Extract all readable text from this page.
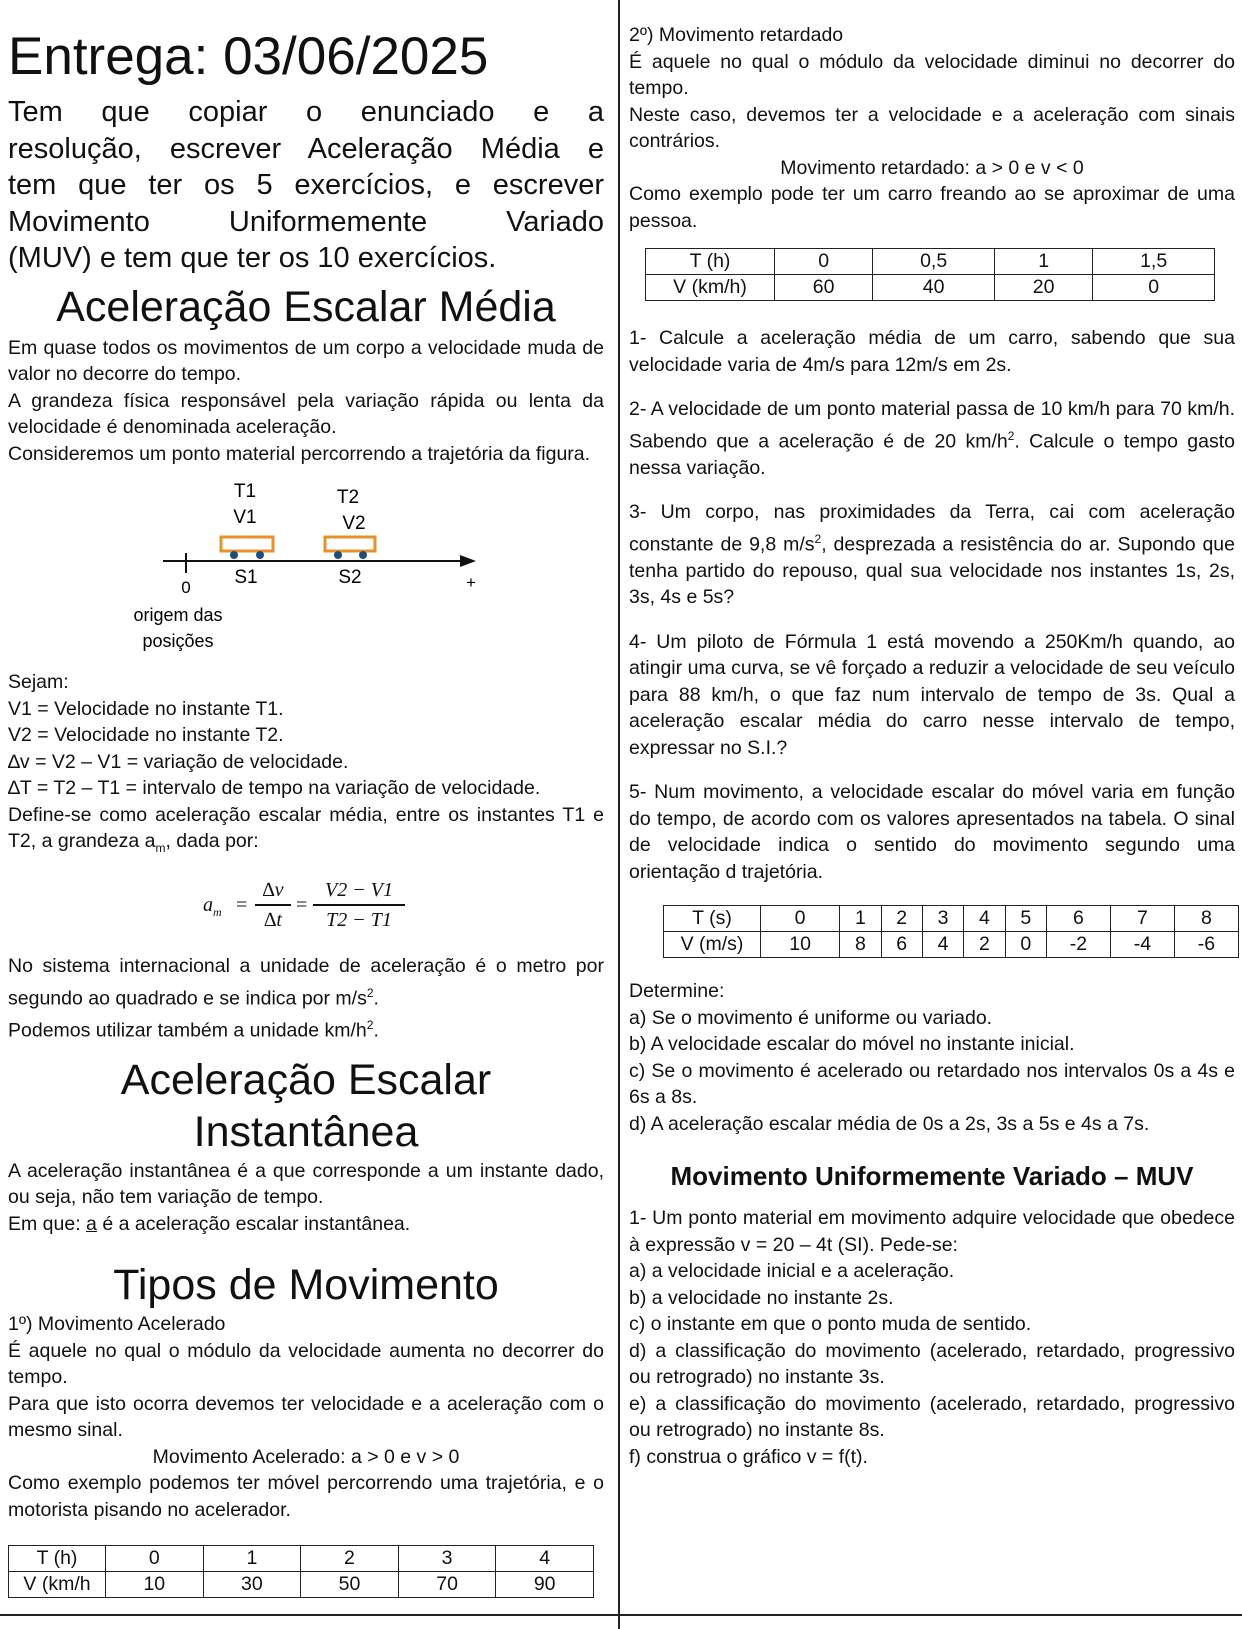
Entrega: 03/06/2025

Tem que copiar o enunciado e a

resolução, escrever Aceleração Média e

tem que ter os 5 exercícios, e escrever

Movimento Uniformemente Variado

(MUV) e tem que ter os 10 exercícios.

Aceleração Escalar Média

Em quase todos os movimentos de um corpo a velocidade muda de valor no decorre do tempo.

A grandeza física responsável pela variação rápida ou lenta da velocidade é denominada aceleração.

Consideremos um ponto material percorrendo a trajetória da figura.

T1
V1
T2
V2
0 S1	S2	+
origem das
posições

Sejam:

V1 = Velocidade no instante T1.

V2 = Velocidade no instante T2.

∆v = V2 – V1 = variação de velocidade.

∆T = T2 – T1 = intervalo de tempo na variação de velocidade.

Define-se como aceleração escalar média, entre os instantes T1 e T2, a grandeza $a_m$, dada por:

$a_m$ =
∆v
∆t
=
V2 − V1
T2 − T1

No sistema internacional a unidade de aceleração é o metro por segundo ao quadrado e se indica por $m/s^2$.

Podemos utilizar também a unidade $km/h^2$.

Aceleração Escalar Instantânea

A aceleração instantânea é a que corresponde a um instante dado, ou seja, não tem variação de tempo.

Em que: a é a aceleração escalar instantânea.

Tipos de Movimento

1º) Movimento Acelerado

É aquele no qual o módulo da velocidade aumenta no decorrer do tempo.

Para que isto ocorra devemos ter velocidade e a aceleração com o mesmo sinal.

Movimento Acelerado: a > 0 e v > 0

Como exemplo podemos ter móvel percorrendo uma trajetória, e o motorista pisando no acelerador.

T (h)	0	1	2	3	4
V (km/h	10	30	50	70	90

2º) Movimento retardado

É aquele no qual o módulo da velocidade diminui no decorrer do tempo.

Neste caso, devemos ter a velocidade e a aceleração com sinais contrários.

Movimento retardado: a > 0 e v < 0

Como exemplo pode ter um carro freando ao se aproximar de uma pessoa.

T (h)	0	0,5	1	1,5
V (km/h)	60	40	20	0

1- Calcule a aceleração média de um carro, sabendo que sua velocidade varia de 4m/s para 12m/s em 2s.

2- A velocidade de um ponto material passa de 10 km/h para 70 km/h. Sabendo que a aceleração é de 20 $km/h^2$. Calcule o tempo gasto nessa variação.

3- Um corpo, nas proximidades da Terra, cai com aceleração constante de 9,8 $m/s^2$, desprezada a resistência do ar. Supondo que tenha partido do repouso, qual sua velocidade nos instantes 1s, 2s, 3s, 4s e 5s?

4- Um piloto de Fórmula 1 está movendo a 250Km/h quando, ao atingir uma curva, se vê forçado a reduzir a velocidade de seu veículo para 88 km/h, o que faz num intervalo de tempo de 3s. Qual a aceleração escalar média do carro nesse intervalo de tempo, expressar no S.I.?

5- Num movimento, a velocidade escalar do móvel varia em função do tempo, de acordo com os valores apresentados na tabela. O sinal de velocidade indica o sentido do movimento segundo uma orientação d trajetória.

T (s)	0	1	2	3	4	5	6	7	8
V (m/s)	10	8	6	4	2	0	-2	-4	-6

Determine:

a) Se o movimento é uniforme ou variado.

b) A velocidade escalar do móvel no instante inicial.

c) Se o movimento é acelerado ou retardado nos intervalos 0s a 4s e 6s a 8s.

d) A aceleração escalar média de 0s a 2s, 3s a 5s e 4s a 7s.

Movimento Uniformemente Variado – MUV

1- Um ponto material em movimento adquire velocidade que obedece à expressão v = 20 – 4t (SI). Pede-se:

a) a velocidade inicial e a aceleração.

b) a velocidade no instante 2s.

c) o instante em que o ponto muda de sentido.

d) a classificação do movimento (acelerado, retardado, progressivo ou retrogrado) no instante 3s.

e) a classificação do movimento (acelerado, retardado, progressivo ou retrogrado) no instante 8s.

f) construa o gráfico v = f(t).
